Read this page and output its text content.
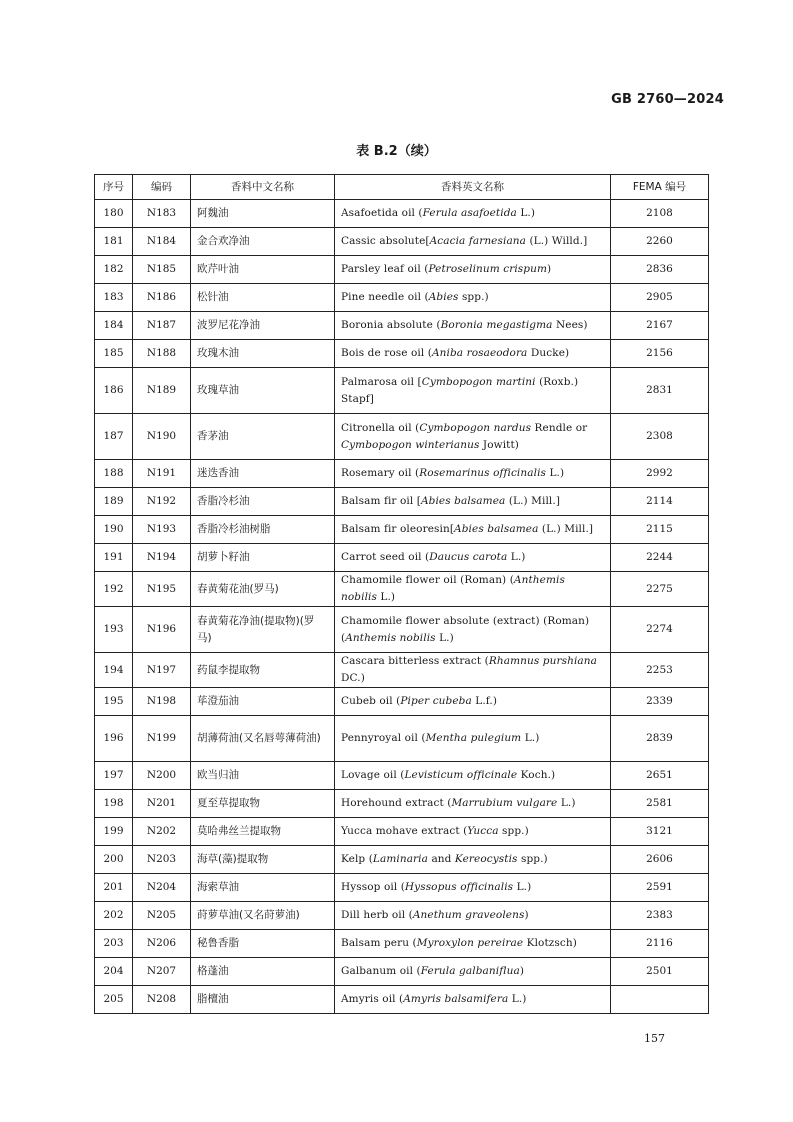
GB 2760—2024
表 B.2（续）
序号	编码	香料中文名称	香料英文名称	FEMA 编号
180	N183	阿魏油	Asafoetida oil (Ferula asafoetida L.)	2108
181	N184	金合欢净油	Cassic absolute[Acacia farnesiana (L.) Willd.]	2260
182	N185	欧芹叶油	Parsley leaf oil (Petroselinum crispum)	2836
183	N186	松针油	Pine needle oil (Abies spp.)	2905
184	N187	波罗尼花净油	Boronia absolute (Boronia megastigma Nees)	2167
185	N188	玫瑰木油	Bois de rose oil (Aniba rosaeodora Ducke)	2156
186	N189	玫瑰草油	Palmarosa oil [Cymbopogon martini (Roxb.) Stapf]	2831
187	N190	香茅油	Citronella oil (Cymbopogon nardus Rendle or Cymbopogon winterianus Jowitt)	2308
188	N191	迷迭香油	Rosemary oil (Rosemarinus officinalis L.)	2992
189	N192	香脂冷杉油	Balsam fir oil [Abies balsamea (L.) Mill.]	2114
190	N193	香脂冷杉油树脂	Balsam fir oleoresin[Abies balsamea (L.) Mill.]	2115
191	N194	胡萝卜籽油	Carrot seed oil (Daucus carota L.)	2244
192	N195	春黄菊花油(罗马)	Chamomile flower oil (Roman) (Anthemis nobilis L.)	2275
193	N196	春黄菊花净油(提取物)(罗马)	Chamomile flower absolute (extract) (Roman) (Anthemis nobilis L.)	2274
194	N197	药鼠李提取物	Cascara bitterless extract (Rhamnus purshiana DC.)	2253
195	N198	荜澄茄油	Cubeb oil (Piper cubeba L.f.)	2339
196	N199	胡薄荷油(又名唇萼薄荷油)	Pennyroyal oil (Mentha pulegium L.)	2839
197	N200	欧当归油	Lovage oil (Levisticum officinale Koch.)	2651
198	N201	夏至草提取物	Horehound extract (Marrubium vulgare L.)	2581
199	N202	莫哈弗丝兰提取物	Yucca mohave extract (Yucca spp.)	3121
200	N203	海草(藻)提取物	Kelp (Laminaria and Kereocystis spp.)	2606
201	N204	海索草油	Hyssop oil (Hyssopus officinalis L.)	2591
202	N205	莳萝草油(又名莳萝油)	Dill herb oil (Anethum graveolens)	2383
203	N206	秘鲁香脂	Balsam peru (Myroxylon pereirae Klotzsch)	2116
204	N207	格蓬油	Galbanum oil (Ferula galbaniflua)	2501
205	N208	脂檀油	Amyris oil (Amyris balsamifera L.)	
157
